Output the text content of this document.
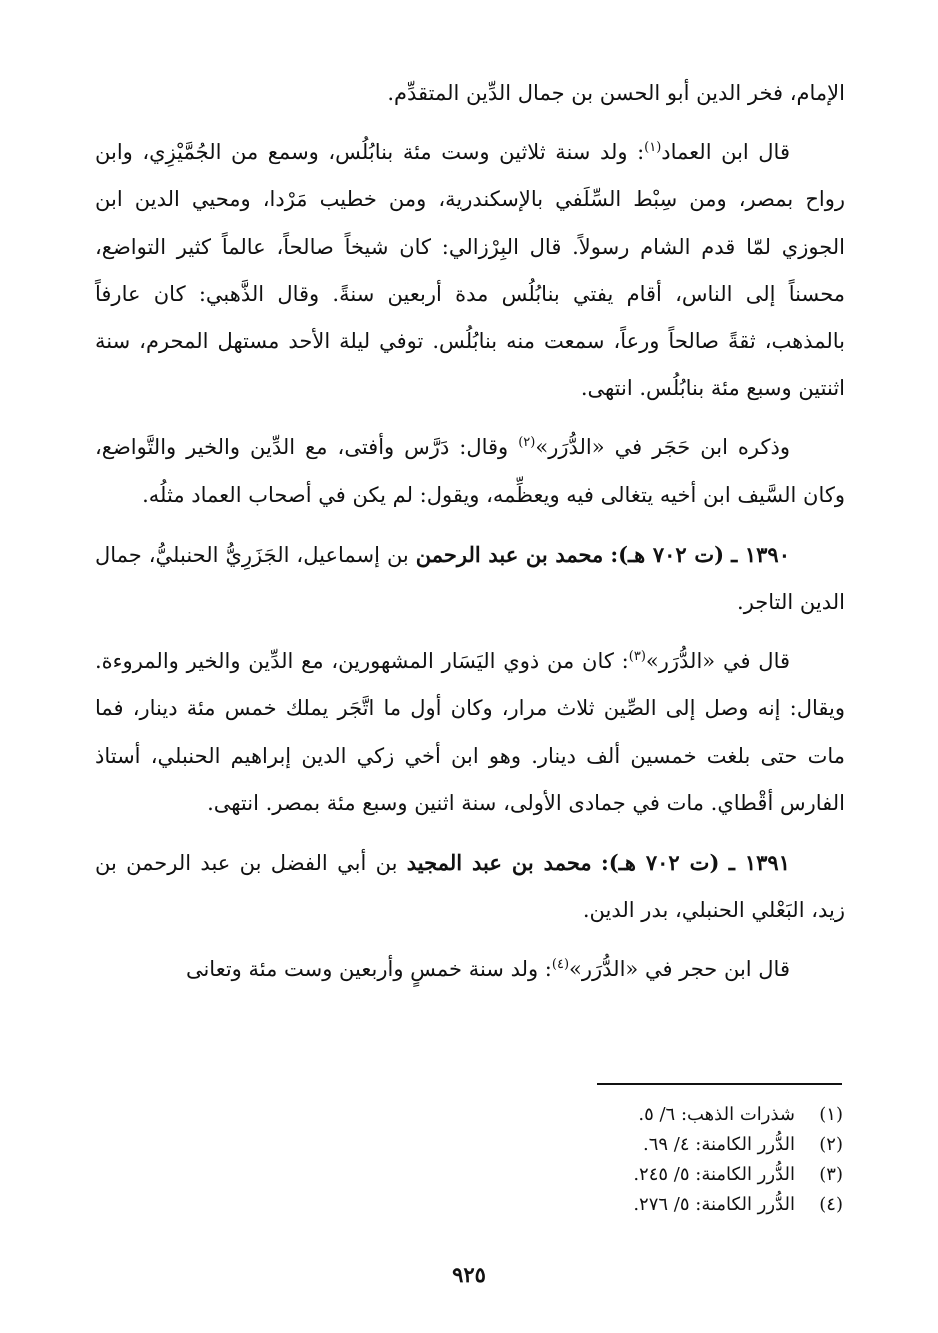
الإمام، فخر الدين أبو الحسن بن جمال الدِّين المتقدِّم.

قال ابن العماد$^{(١)}$: ولد سنة ثلاثين وست مئة بنابُلُس، وسمع من الجُمَّيْزِي، وابن رواح بمصر، ومن سِبْط السِّلَفي بالإسكندرية، ومن خطيب مَرْدا، ومحيي الدين ابن الجوزي لمّا قدم الشام رسولاً. قال البِرْزالي: كان شيخاً صالحاً، عالماً كثير التواضع، محسناً إلى الناس، أقام يفتي بنابُلُس مدة أربعين سنةً. وقال الذَّهبي: كان عارفاً بالمذهب، ثقةً صالحاً ورعاً، سمعت منه بنابُلُس. توفي ليلة الأحد مستهل المحرم، سنة اثنتين وسبع مئة بنابُلُس. انتهى.

وذكره ابن حَجَر في «الدُّرَر»$^{(٢)}$ وقال: دَرَّس وأفتى، مع الدِّين والخير والتَّواضع، وكان السَّيف ابن أخيه يتغالى فيه ويعظِّمه، ويقول: لم يكن في أصحاب العماد مثلُه.

١٣٩٠ ـ (ت ٧٠٢ هـ): محمد بن عبد الرحمن بن إسماعيل، الجَزَرِيُّ الحنبليُّ، جمال الدين التاجر.

قال في «الدُّرَر»$^{(٣)}$: كان من ذوي اليَسَار المشهورين، مع الدِّين والخير والمروءة. ويقال: إنه وصل إلى الصِّين ثلاث مرار، وكان أول ما اتَّجَر يملك خمس مئة دينار، فما مات حتى بلغت خمسين ألف دينار. وهو ابن أخي زكي الدين إبراهيم الحنبلي، أستاذ الفارس أقْطاي. مات في جمادى الأولى، سنة اثنين وسبع مئة بمصر. انتهى.

١٣٩١ ـ (ت ٧٠٢ هـ): محمد بن عبد المجيد بن أبي الفضل بن عبد الرحمن بن زيد، البَعْلي الحنبلي، بدر الدين.

قال ابن حجر في «الدُّرَر»$^{(٤)}$: ولد سنة خمسٍ وأربعين وست مئة وتعانى

(١)شذرات الذهب: ٦/ ٥.
(٢)الدُّرر الكامنة: ٤/ ٦٩.
(٣)الدُّرر الكامنة: ٥/ ٢٤٥.
(٤)الدُّرر الكامنة: ٥/ ٢٧٦.
٩٢٥
